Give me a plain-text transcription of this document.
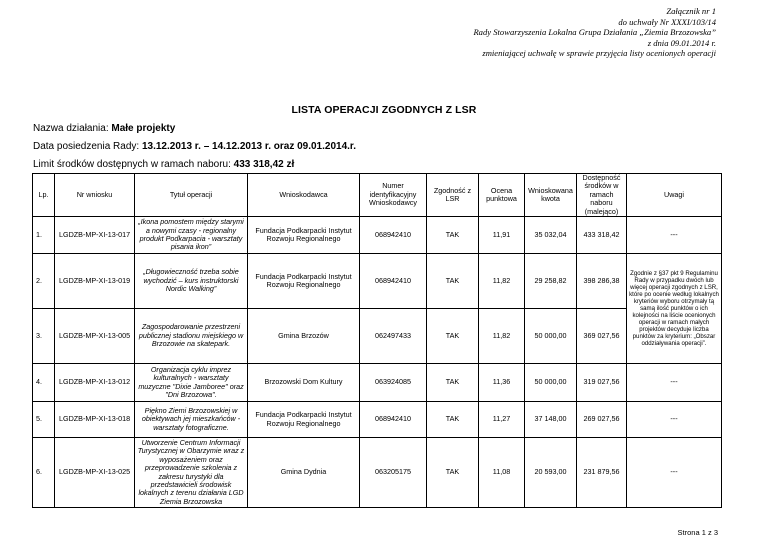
Załącznik nr 1
do uchwały Nr XXXI/103/14
Rady Stowarzyszenia Lokalna Grupa Działania „Ziemia Brzozowska”
z dnia 09.01.2014 r.
zmieniającej uchwałę w sprawie przyjęcia listy ocenionych operacji
LISTA OPERACJI ZGODNYCH Z LSR
Nazwa działania: Małe projekty
Data posiedzenia Rady: 13.12.2013 r. – 14.12.2013 r. oraz 09.01.2014.r.
Limit środków dostępnych w ramach naboru: 433 318,42 zł
Lp.	Nr wniosku	Tytuł operacji	Wnioskodawca	Numer identyfikacyjny Wnioskodawcy	Zgodność z LSR	Ocena punktowa	Wnioskowana kwota	Dostępność środków w ramach naboru (malejąco)	Uwagi
1.	LGDZB-MP-XI-13-017	„Ikona pomostem między starymi a nowymi czasy - regionalny produkt Podkarpacia - warsztaty pisania ikon”	Fundacja Podkarpacki Instytut Rozwoju Regionalnego	068942410	TAK	11,91	35 032,04	433 318,42	---
2.	LGDZB-MP-XI-13-019	„Długowieczność trzeba sobie wychodzić – kurs instruktorski Nordic Walking”	Fundacja Podkarpacki Instytut Rozwoju Regionalnego	068942410	TAK	11,82	29 258,82	398 286,38	Zgodnie z §37 pkt 9 Regulaminu Rady w przypadku dwóch lub więcej operacji zgodnych z LSR, które po ocenie według lokalnych kryteriów wyboru otrzymały tą samą ilość punktów o ich kolejności na liście ocenionych operacji w ramach małych projektów decyduje liczba punktów za kryterium: „Obszar oddziaływania operacji”.
3.	LGDZB-MP-XI-13-005	Zagospodarowanie przestrzeni publicznej stadionu miejskiego w Brzozowie na skatepark.	Gmina Brzozów	062497433	TAK	11,82	50 000,00	369 027,56	
4.	LGDZB-MP-XI-13-012	Organizacja cyklu imprez kulturalnych - warsztaty muzyczne "Dixie Jamboree" oraz "Dni Brzozowa".	Brzozowski Dom Kultury	063924085	TAK	11,36	50 000,00	319 027,56	---
5.	LGDZB-MP-XI-13-018	Piękno Ziemi Brzozowskiej w obiektywach jej mieszkańców - warsztaty fotograficzne.	Fundacja Podkarpacki Instytut Rozwoju Regionalnego	068942410	TAK	11,27	37 148,00	269 027,56	---
6.	LGDZB-MP-XI-13-025	Utworzenie Centrum Informacji Turystycznej w Obarzymie wraz z wyposażeniem oraz przeprowadzenie szkolenia z zakresu turystyki dla przedstawicieli środowisk lokalnych z terenu działania LGD Ziemia Brzozowska	Gmina Dydnia	063205175	TAK	11,08	20 593,00	231 879,56	---
Strona 1 z 3
